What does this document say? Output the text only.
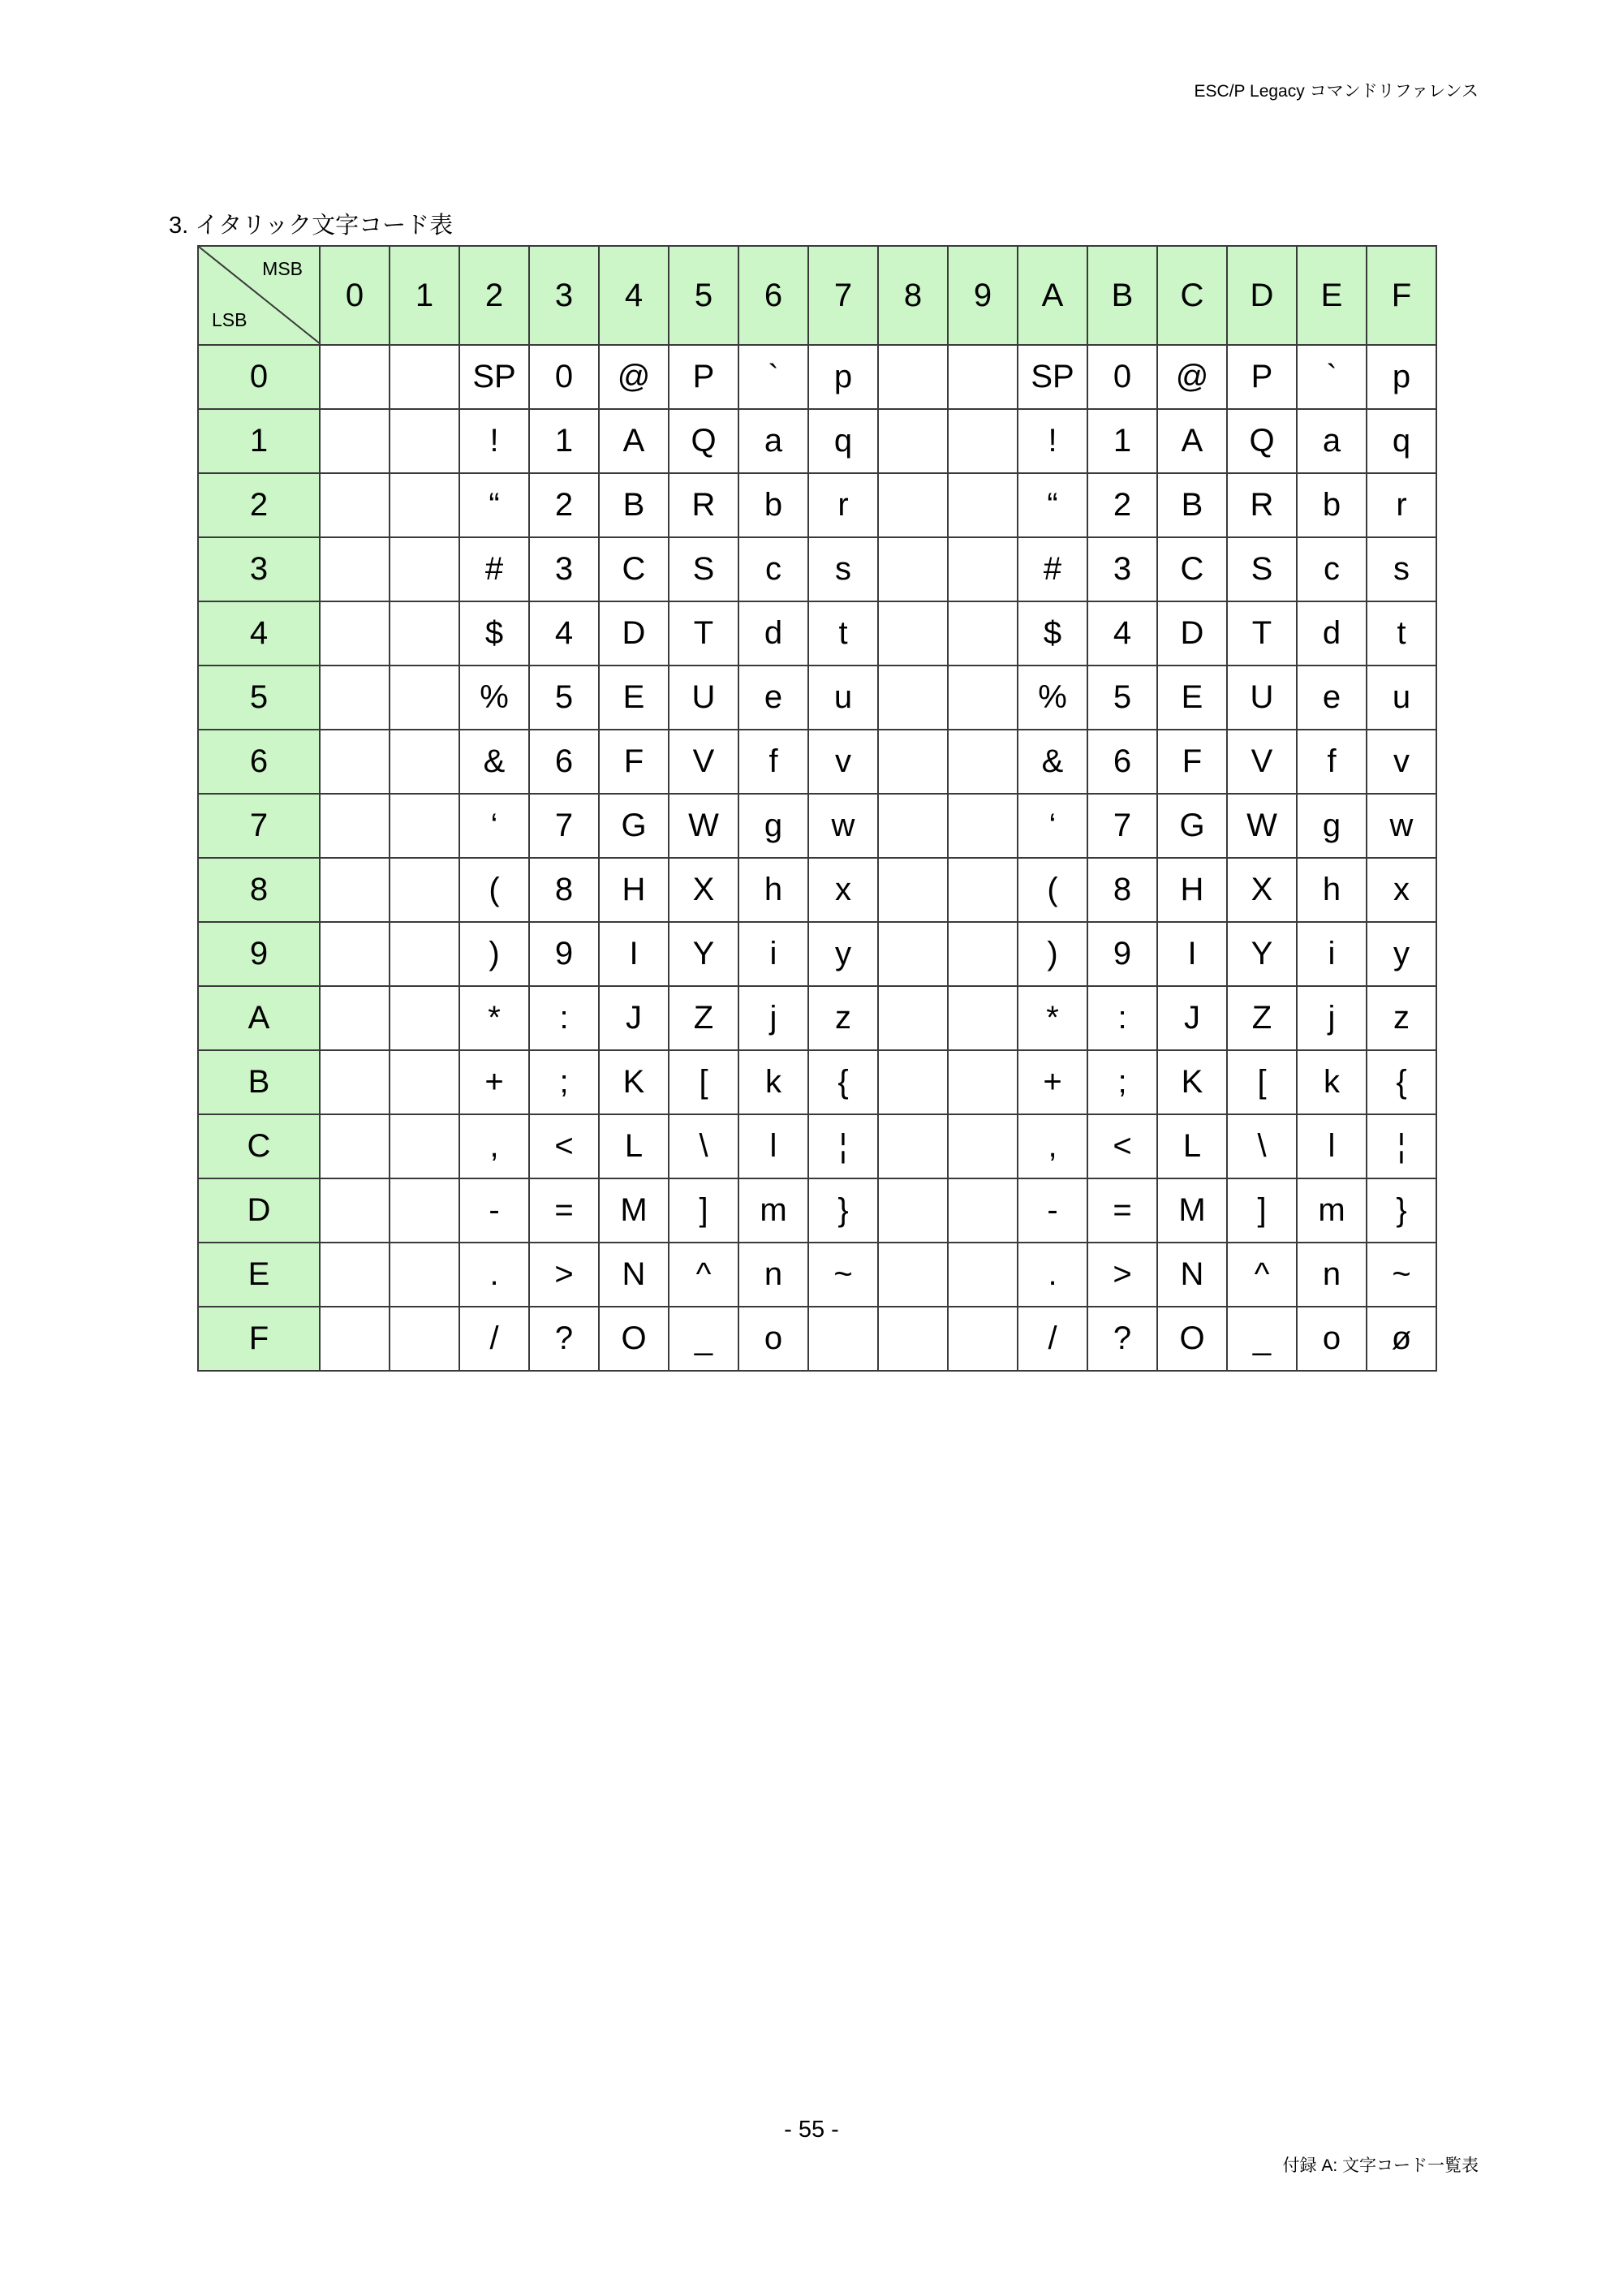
ESC/P Legacy コマンドリファレンス
3. イタリック文字コード表
MSB
LSB	0	1	2	3	4	5	6	7	8	9	A	B	C	D	E	F
0			SP	0	@	P	`	p			SP	0	@	P	`	p
1			!	1	A	Q	a	q			!	1	A	Q	a	q
2			“	2	B	R	b	r			“	2	B	R	b	r
3			#	3	C	S	c	s			#	3	C	S	c	s
4			$	4	D	T	d	t			$	4	D	T	d	t
5			%	5	E	U	e	u			%	5	E	U	e	u
6			&	6	F	V	f	v			&	6	F	V	f	v
7			‘	7	G	W	g	w			‘	7	G	W	g	w
8			(	8	H	X	h	x			(	8	H	X	h	x
9			)	9	I	Y	i	y			)	9	I	Y	i	y
A			*	:	J	Z	j	z			*	:	J	Z	j	z
B			+	;	K	[	k	{			+	;	K	[	k	{
C			,	<	L	\	l	¦			,	<	L	\	l	¦
D			-	=	M	]	m	}			-	=	M	]	m	}
E			.	>	N	^	n	~			.	>	N	^	n	~
F			/	?	O	_	o				/	?	O	_	o	ø
- 55 -
付録 A: 文字コード一覧表
